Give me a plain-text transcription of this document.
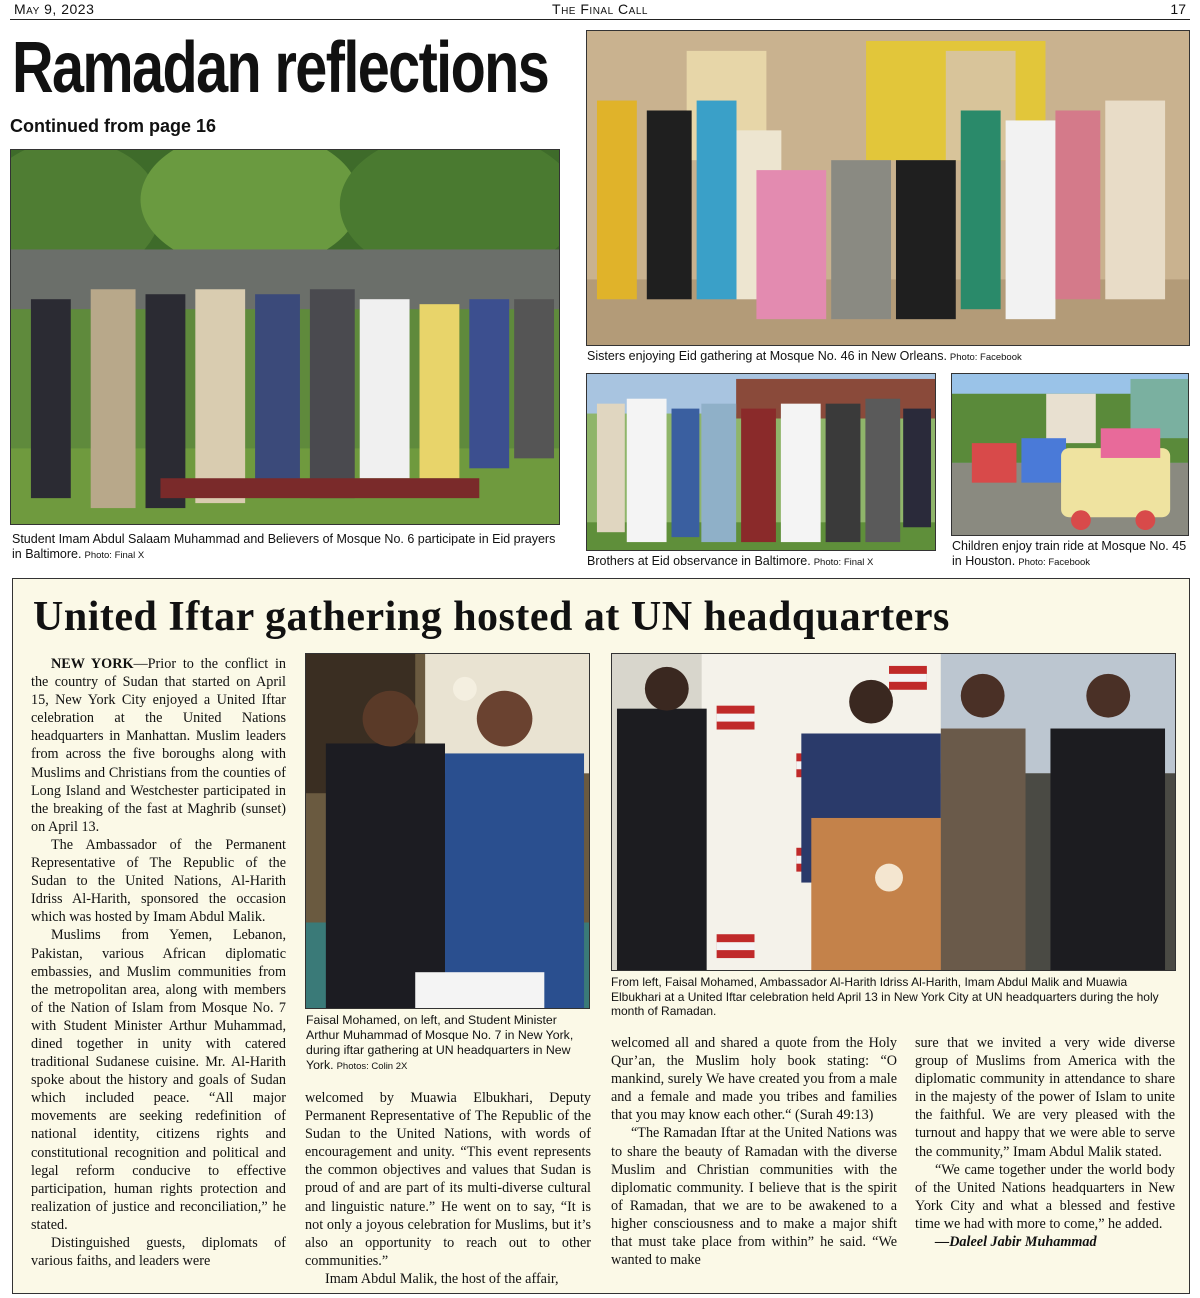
May 9, 2023	The Final Call	17
Ramadan reflections
Continued from page 16
Student Imam Abdul Salaam Muhammad and Believers of Mosque No. 6 participate in Eid prayers in Baltimore. Photo: Final X
Sisters enjoying Eid gathering at Mosque No. 46 in New Orleans. Photo: Facebook
Brothers at Eid observance in Baltimore. Photo: Final X
Children enjoy train ride at Mosque No. 45 in Houston. Photo: Facebook
United Iftar gathering hosted at UN headquarters

NEW YORK—Prior to the conflict in the country of Sudan that started on April 15, New York City enjoyed a United Iftar celebration at the United Nations headquarters in Manhattan. Muslim leaders from across the five boroughs along with Muslims and Christians from the counties of Long Island and Westchester participated in the breaking of the fast at Maghrib (sunset) on April 13.

The Ambassador of the Permanent Representative of The Republic of the Sudan to the United Nations, Al-Harith Idriss Al-Harith, sponsored the occasion which was hosted by Imam Abdul Malik.

Muslims from Yemen, Lebanon, Pakistan, various African diplomatic embassies, and Muslim communities from the metropolitan area, along with members of the Nation of Islam from Mosque No. 7 with Student Minister Arthur Muhammad, dined together in unity with catered traditional Sudanese cuisine. Mr. Al-Harith spoke about the history and goals of Sudan which included peace. “All major movements are seeking redefinition of national identity, citizens rights and constitutional recognition and political and legal reform conducive to effective participation, human rights protection and realization of justice and reconciliation,” he stated.

Distinguished guests, diplomats of various faiths, and leaders were

Faisal Mohamed, on left, and Student Minister Arthur Muhammad of Mosque No. 7 in New York, during iftar gathering at UN headquarters in New York. Photos: Colin 2X

welcomed by Muawia Elbukhari, Deputy Permanent Representative of The Republic of the Sudan to the United Nations, with words of encouragement and unity. “This event represents the common objectives and values that Sudan is proud of and are part of its multi-diverse cultural and linguistic nature.” He went on to say, “It is not only a joyous celebration for Muslims, but it’s also an opportunity to reach out to other communities.”

Imam Abdul Malik, the host of the affair,

From left, Faisal Mohamed, Ambassador Al-Harith Idriss Al-Harith, Imam Abdul Malik and Muawia Elbukhari at a United Iftar celebration held April 13 in New York City at UN headquarters during the holy month of Ramadan.

welcomed all and shared a quote from the Holy Qur’an, the Muslim holy book stating: “O mankind, surely We have created you from a male and a female and made you tribes and families that you may know each other.“ (Surah 49:13)

“The Ramadan Iftar at the United Nations was to share the beauty of Ramadan with the diverse Muslim and Christian communities with the diplomatic community. I believe that is the spirit of Ramadan, that we are to be awakened to a higher consciousness and to make a major shift that must take place from within” he said. “We wanted to make

sure that we invited a very wide diverse group of Muslims from America with the diplomatic community in attendance to share in the majesty of the power of Islam to unite the faithful. We are very pleased with the turnout and happy that we were able to serve the community,” Imam Abdul Malik stated.

“We came together under the world body of the United Nations headquarters in New York City and what a blessed and festive time we had with more to come,” he added.

—Daleel Jabir Muhammad
